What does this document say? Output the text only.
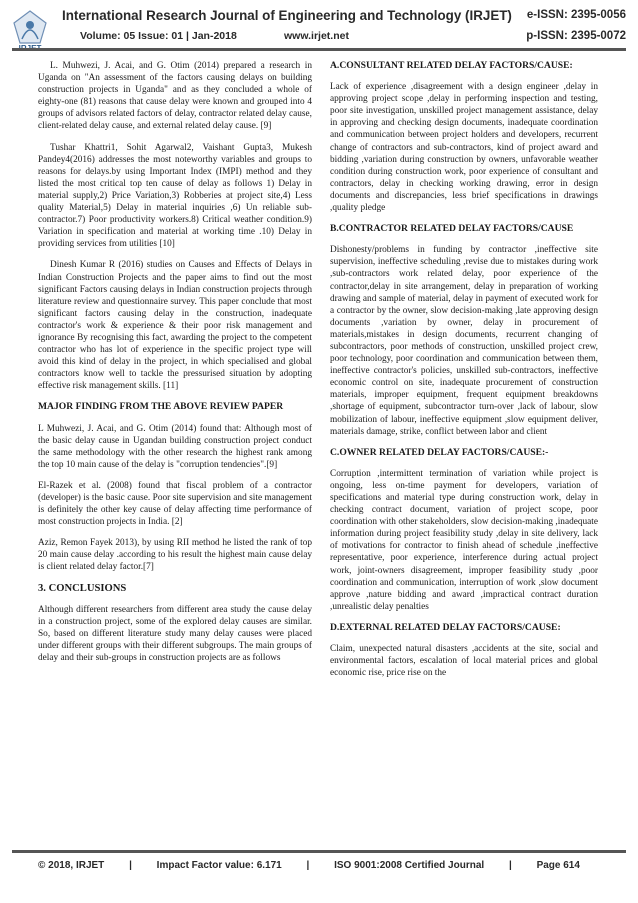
International Research Journal of Engineering and Technology (IRJET) e-ISSN: 2395-0056
Volume: 05 Issue: 01 | Jan-2018	www.irjet.net	p-ISSN: 2395-0072

L. Muhwezi, J. Acai, and G. Otim (2014) prepared a research in Uganda on "An assessment of the factors causing delays on building construction projects in Uganda" and as they concluded a whole of eighty-one (81) reasons that cause delay were known and grouped into 4 groups of advisors related factors of delay, contractor related delay cause, client-related delay cause, and external related delay cause. [9]

Tushar Khattri1, Sohit Agarwal2, Vaishant Gupta3, Mukesh Pandey4(2016) addresses the most noteworthy variables and groups to reasons for delays.by using Important Index (IMPI) method and they listed the most critical top ten cause of delay as follows 1) Delay in material supply,2) Price Variation,3) Robberies at project site,4) Less quality Material,5) Delay in material inquiries ,6) Un reliable sub-contractor.7) Poor productivity workers.8) Critical weather condition.9) Variation in specification and material at working time .10) Delay in providing services from utilities [10]

Dinesh Kumar R (2016) studies on Causes and Effects of Delays in Indian Construction Projects and the paper aims to find out the most significant Factors causing delays in Indian construction projects through literature review and questionnaire survey. This paper conclude that most significant factors causing delay in the construction, inadequate contractor's work & experience & their poor risk management and ignorance By recognising this fact, awarding the project to the competent contractor who has lot of experience in the specific project type will avoid this kind of delay in the project, in which specialised and global contractors know well to tackle the pressurised situation by adopting effective risk management skills. [11]

MAJOR FINDING FROM THE ABOVE REVIEW PAPER

L Muhwezi, J. Acai, and G. Otim (2014) found that: Although most of the basic delay cause in Ugandan building construction project conduct the same methodology with the other research the highest rank among the top 10 main cause of the delay is "corruption tendencies".[9]

El-Razek et al. (2008) found that fiscal problem of a contractor (developer) is the basic cause. Poor site supervision and site management is definitely the other key cause of delay affecting time performance of most construction projects in India. [2]

Aziz, Remon Fayek 2013), by using RII method he listed the rank of top 20 main cause delay .according to his result the highest main cause delay is client related delay factor.[7]

3. CONCLUSIONS

Although different researchers from different area study the cause delay in a construction project, some of the explored delay causes are similar. So, based on different literature study many delay causes were placed under different groups with their different subgroups. The main groups of delay and their sub-groups in construction projects are as follows

A.CONSULTANT RELATED DELAY FACTORS/CAUSE:

Lack of experience ,disagreement with a design engineer ,delay in approving project scope ,delay in performing inspection and testing, poor site investigation, unskilled project management assistance, delay in approving and checking design documents, inadequate coordination and communication between project holders and developers, recurrent change of contractors and sub-contractors, kind of project award and bidding ,variation during construction by owners, unfavorable weather condition during construction work, poor experience of consultant and contractors, delay in checking working drawing, error in design documents and discrepancies, less brief specifications in drawings ,quality pledge

B.CONTRACTOR RELATED DELAY FACTORS/CAUSE

Dishonesty/problems in funding by contractor ,ineffective site supervision, ineffective scheduling ,revise due to mistakes during work ,sub-contractors work related delay, poor experience of the contractor,delay in site arrangement, delay in preparation of working drawing and sample of material, delay in payment of executed work for a contractor by the owner, slow decision-making ,late approving design documents ,variation by owner, delay in procurement of materials,mistakes in design documents, recurrent changing of subcontractors, poor methods of construction, unskilled project crew, poor technology, poor coordination and communication between them, ineffective contractor's policies, unskilled sub-contractors, ineffective economic control on site, inadequate procurement of construction materials, improper equipment, frequent equipment breakdowns ,shortage of equipment, subcontractor turn-over ,lack of labour, slow mobilization of labour, ineffective equipment ,slow equipment deliver, materials damage, strike, conflict between labor and client

C.OWNER RELATED DELAY FACTORS/CAUSE:-

Corruption ,intermittent termination of variation while project is ongoing, less on-time payment for developers, variation of specifications and material type during construction work, delay in checking contract document, variation of project scope, poor coordination with other stakeholders, slow decision-making ,inadequate information during project feasibility study ,delay in site delivery, lack of motivations for contractor to finish ahead of schedule ,ineffective representative, poor experience, interference during actual project work, joint-owners disagreement, improper feasibility study ,poor coordination and communication, interruption of work ,slow document approve ,nature bidding and award ,impractical contract duration ,unrealistic delay penalties

D.EXTERNAL RELATED DELAY FACTORS/CAUSE:

Claim, unexpected natural disasters ,accidents at the site, social and environmental factors, escalation of local material prices and global economic rise, price rise on the

© 2018, IRJET | Impact Factor value: 6.171 | ISO 9001:2008 Certified Journal | Page 614
